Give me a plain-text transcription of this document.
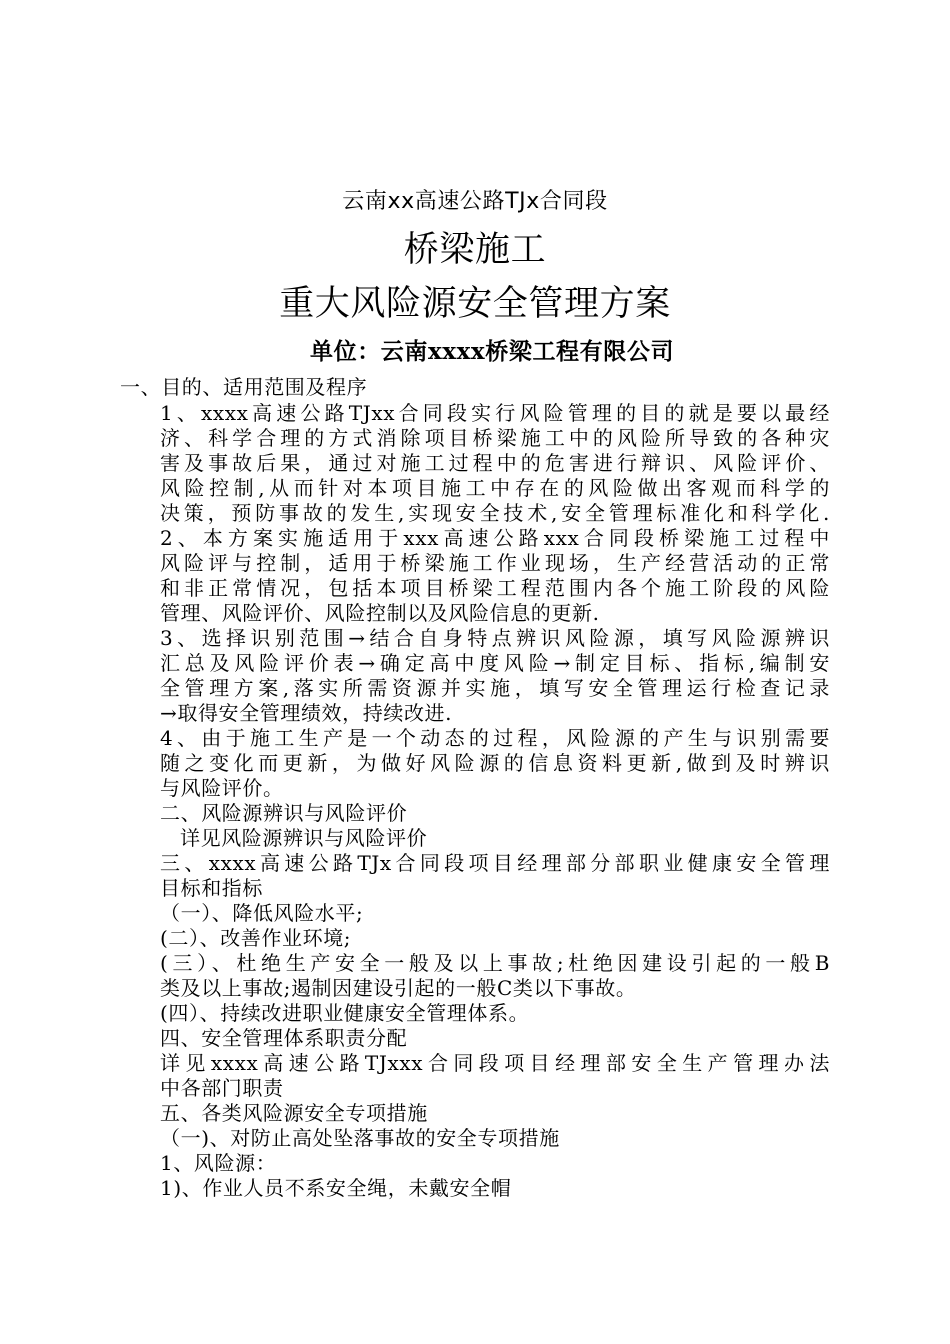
云南xx高速公路TJx合同段

桥梁施工

重大风险源安全管理方案

单位：云南xxxx桥梁工程有限公司

一、目的、适用范围及程序

1、xxxx高速公路TJxx合同段实行风险管理的目的就是要以最经

济、科学合理的方式消除项目桥梁施工中的风险所导致的各种灾

害及事故后果，通过对施工过程中的危害进行辩识、风险评价、

风险控制,从而针对本项目施工中存在的风险做出客观而科学的

决策，预防事故的发生,实现安全技术,安全管理标准化和科学化.

2、本方案实施适用于xxx高速公路xxx合同段桥梁施工过程中

风险评与控制，适用于桥梁施工作业现场，生产经营活动的正常

和非正常情况，包括本项目桥梁工程范围内各个施工阶段的风险

管理、风险评价、风险控制以及风险信息的更新.

3、选择识别范围→结合自身特点辨识风险源，填写风险源辨识

汇总及风险评价表→确定高中度风险→制定目标、指标,编制安

全管理方案,落实所需资源并实施，填写安全管理运行检查记录

→取得安全管理绩效，持续改进.

4、由于施工生产是一个动态的过程，风险源的产生与识别需要

随之变化而更新，为做好风险源的信息资料更新,做到及时辨识

与风险评价。

二、风险源辨识与风险评价

详见风险源辨识与风险评价

三、xxxx高速公路TJx合同段项目经理部分部职业健康安全管理

目标和指标

（一）、降低风险水平;

(二）、改善作业环境;

(三）、杜绝生产安全一般及以上事故;杜绝因建设引起的一般B

类及以上事故;遏制因建设引起的一般C类以下事故。

(四）、持续改进职业健康安全管理体系。

四、安全管理体系职责分配

详见xxxx高速公路TJxxx合同段项目经理部安全生产管理办法

中各部门职责

五、各类风险源安全专项措施

（一)、对防止高处坠落事故的安全专项措施

1、风险源：

1)、作业人员不系安全绳，未戴安全帽
